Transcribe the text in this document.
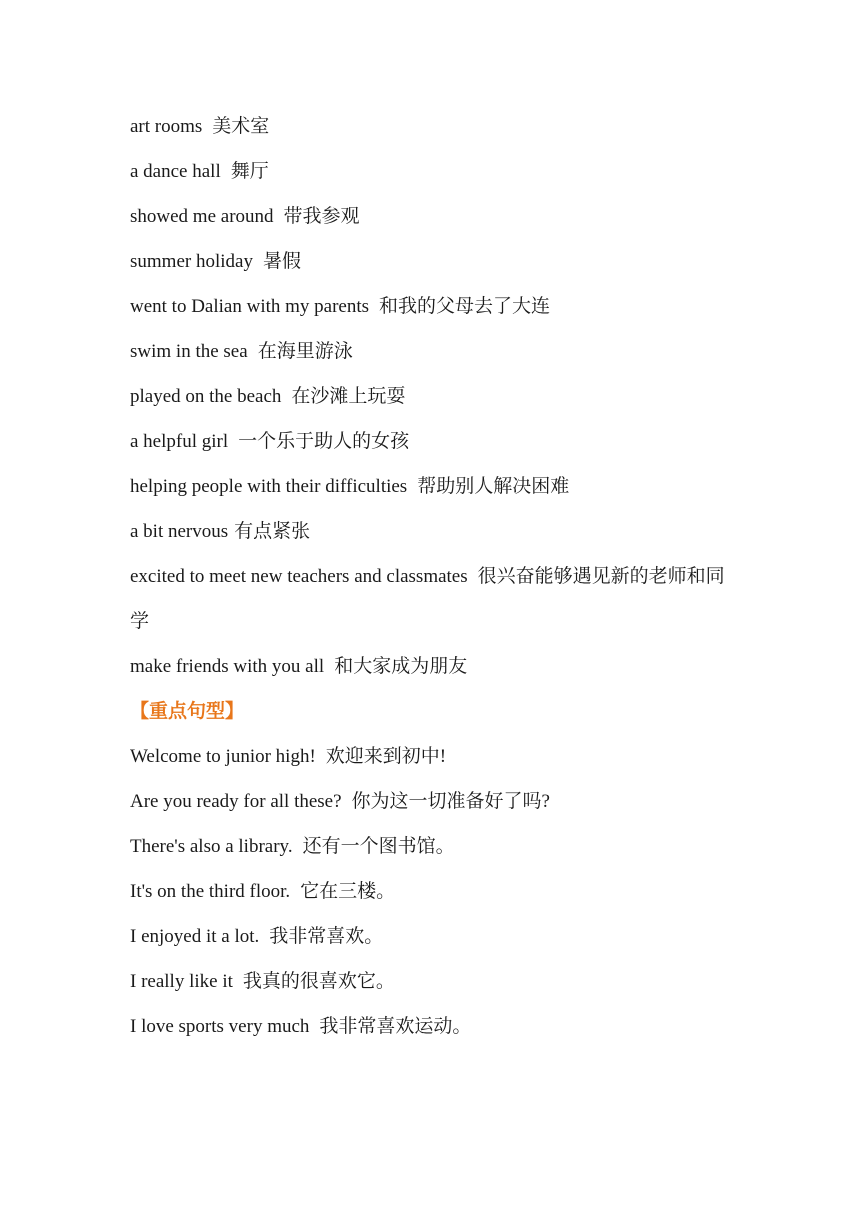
art rooms 美术室
a dance hall 舞厅
showed me around 带我参观
summer holiday 暑假
went to Dalian with my parents 和我的父母去了大连
swim in the sea 在海里游泳
played on the beach 在沙滩上玩耍
a helpful girl 一个乐于助人的女孩
helping people with their difficulties 帮助别人解决困难
a bit nervous 有点紧张
excited to meet new teachers and classmates 很兴奋能够遇见新的老师和同学
make friends with you all 和大家成为朋友
【重点句型】
Welcome to junior high! 欢迎来到初中!
Are you ready for all these? 你为这一切准备好了吗?
There's also a library. 还有一个图书馆。
It's on the third floor. 它在三楼。
I enjoyed it a lot. 我非常喜欢。
I really like it 我真的很喜欢它。
I love sports very much 我非常喜欢运动。
